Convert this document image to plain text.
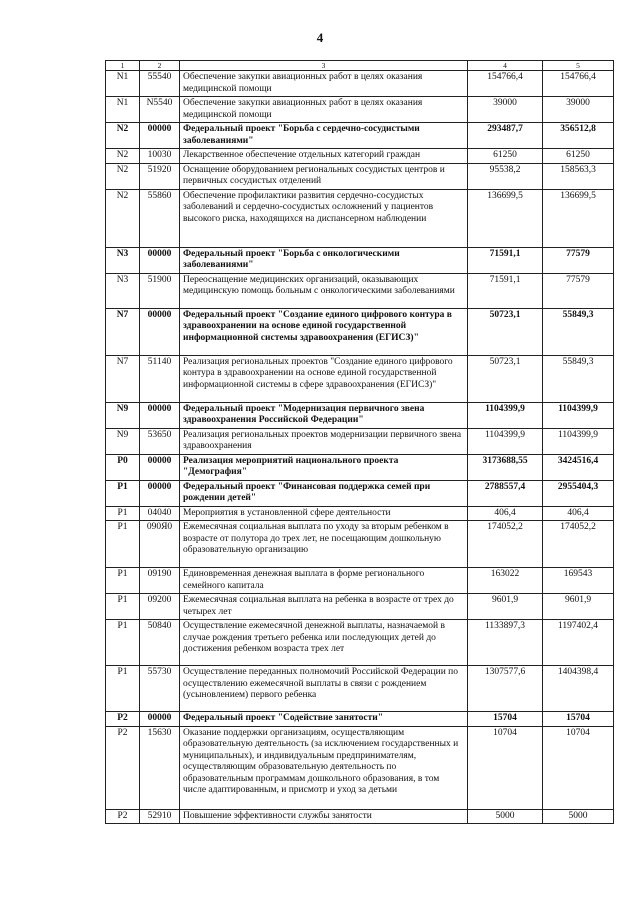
4
1	2	3	4	5
N1	55540	Обеспечение закупки авиационных работ в целях оказания медицинской помощи	154766,4	154766,4
N1	N5540	Обеспечение закупки авиационных работ в целях оказания медицинской помощи	39000	39000
N2	00000	Федеральный проект "Борьба с сердечно-сосудистыми заболеваниями"	293487,7	356512,8
N2	10030	Лекарственное обеспечение отдельных категорий граждан	61250	61250
N2	51920	Оснащение оборудованием региональных сосудистых центров и первичных сосудистых отделений	95538,2	158563,3
N2	55860	Обеспечение профилактики развития сердечно-сосудистых заболеваний и сердечно-сосудистых осложнений у пациентов высокого риска, находящихся на диспансерном наблюдении	136699,5	136699,5
N3	00000	Федеральный проект "Борьба с онкологическими заболеваниями"	71591,1	77579
N3	51900	Переоснащение медицинских организаций, оказывающих медицинскую помощь больным с онкологическими заболеваниями	71591,1	77579
N7	00000	Федеральный проект "Создание единого цифрового контура в здравоохранении на основе единой государственной информационной системы здравоохранения (ЕГИСЗ)"	50723,1	55849,3
N7	51140	Реализация региональных проектов "Создание единого цифрового контура в здравоохранении на основе единой государственной информационной системы в сфере здравоохранения (ЕГИСЗ)"	50723,1	55849,3
N9	00000	Федеральный проект "Модернизация первичного звена здравоохранения Российской Федерации"	1104399,9	1104399,9
N9	53650	Реализация региональных проектов модернизации первичного звена здравоохранения	1104399,9	1104399,9
P0	00000	Реализация мероприятий национального проекта "Демография"	3173688,55	3424516,4
P1	00000	Федеральный проект "Финансовая поддержка семей при рождении детей"	2788557,4	2955404,3
P1	04040	Мероприятия в установленной сфере деятельности	406,4	406,4
P1	090Я0	Ежемесячная социальная выплата по уходу за вторым ребенком в возрасте от полутора до трех лет, не посещающим дошкольную образовательную организацию	174052,2	174052,2
P1	09190	Единовременная денежная выплата в форме регионального семейного капитала	163022	169543
P1	09200	Ежемесячная социальная выплата на ребенка в возрасте от трех до четырех лет	9601,9	9601,9
P1	50840	Осуществление ежемесячной денежной выплаты, назначаемой в случае рождения третьего ребенка или последующих детей до достижения ребенком возраста трех лет	1133897,3	1197402,4
P1	55730	Осуществление переданных полномочий Российской Федерации по осуществлению ежемесячной выплаты в связи с рождением (усыновлением) первого ребенка	1307577,6	1404398,4
P2	00000	Федеральный проект "Содействие занятости"	15704	15704
P2	15630	Оказание поддержки организациям, осуществляющим образовательную деятельность (за исключением государственных и муниципальных), и индивидуальным предпринимателям, осуществляющим образовательную деятельность по образовательным программам дошкольного образования, в том числе адаптированным, и присмотр и уход за детьми	10704	10704
P2	52910	Повышение эффективности службы занятости	5000	5000
